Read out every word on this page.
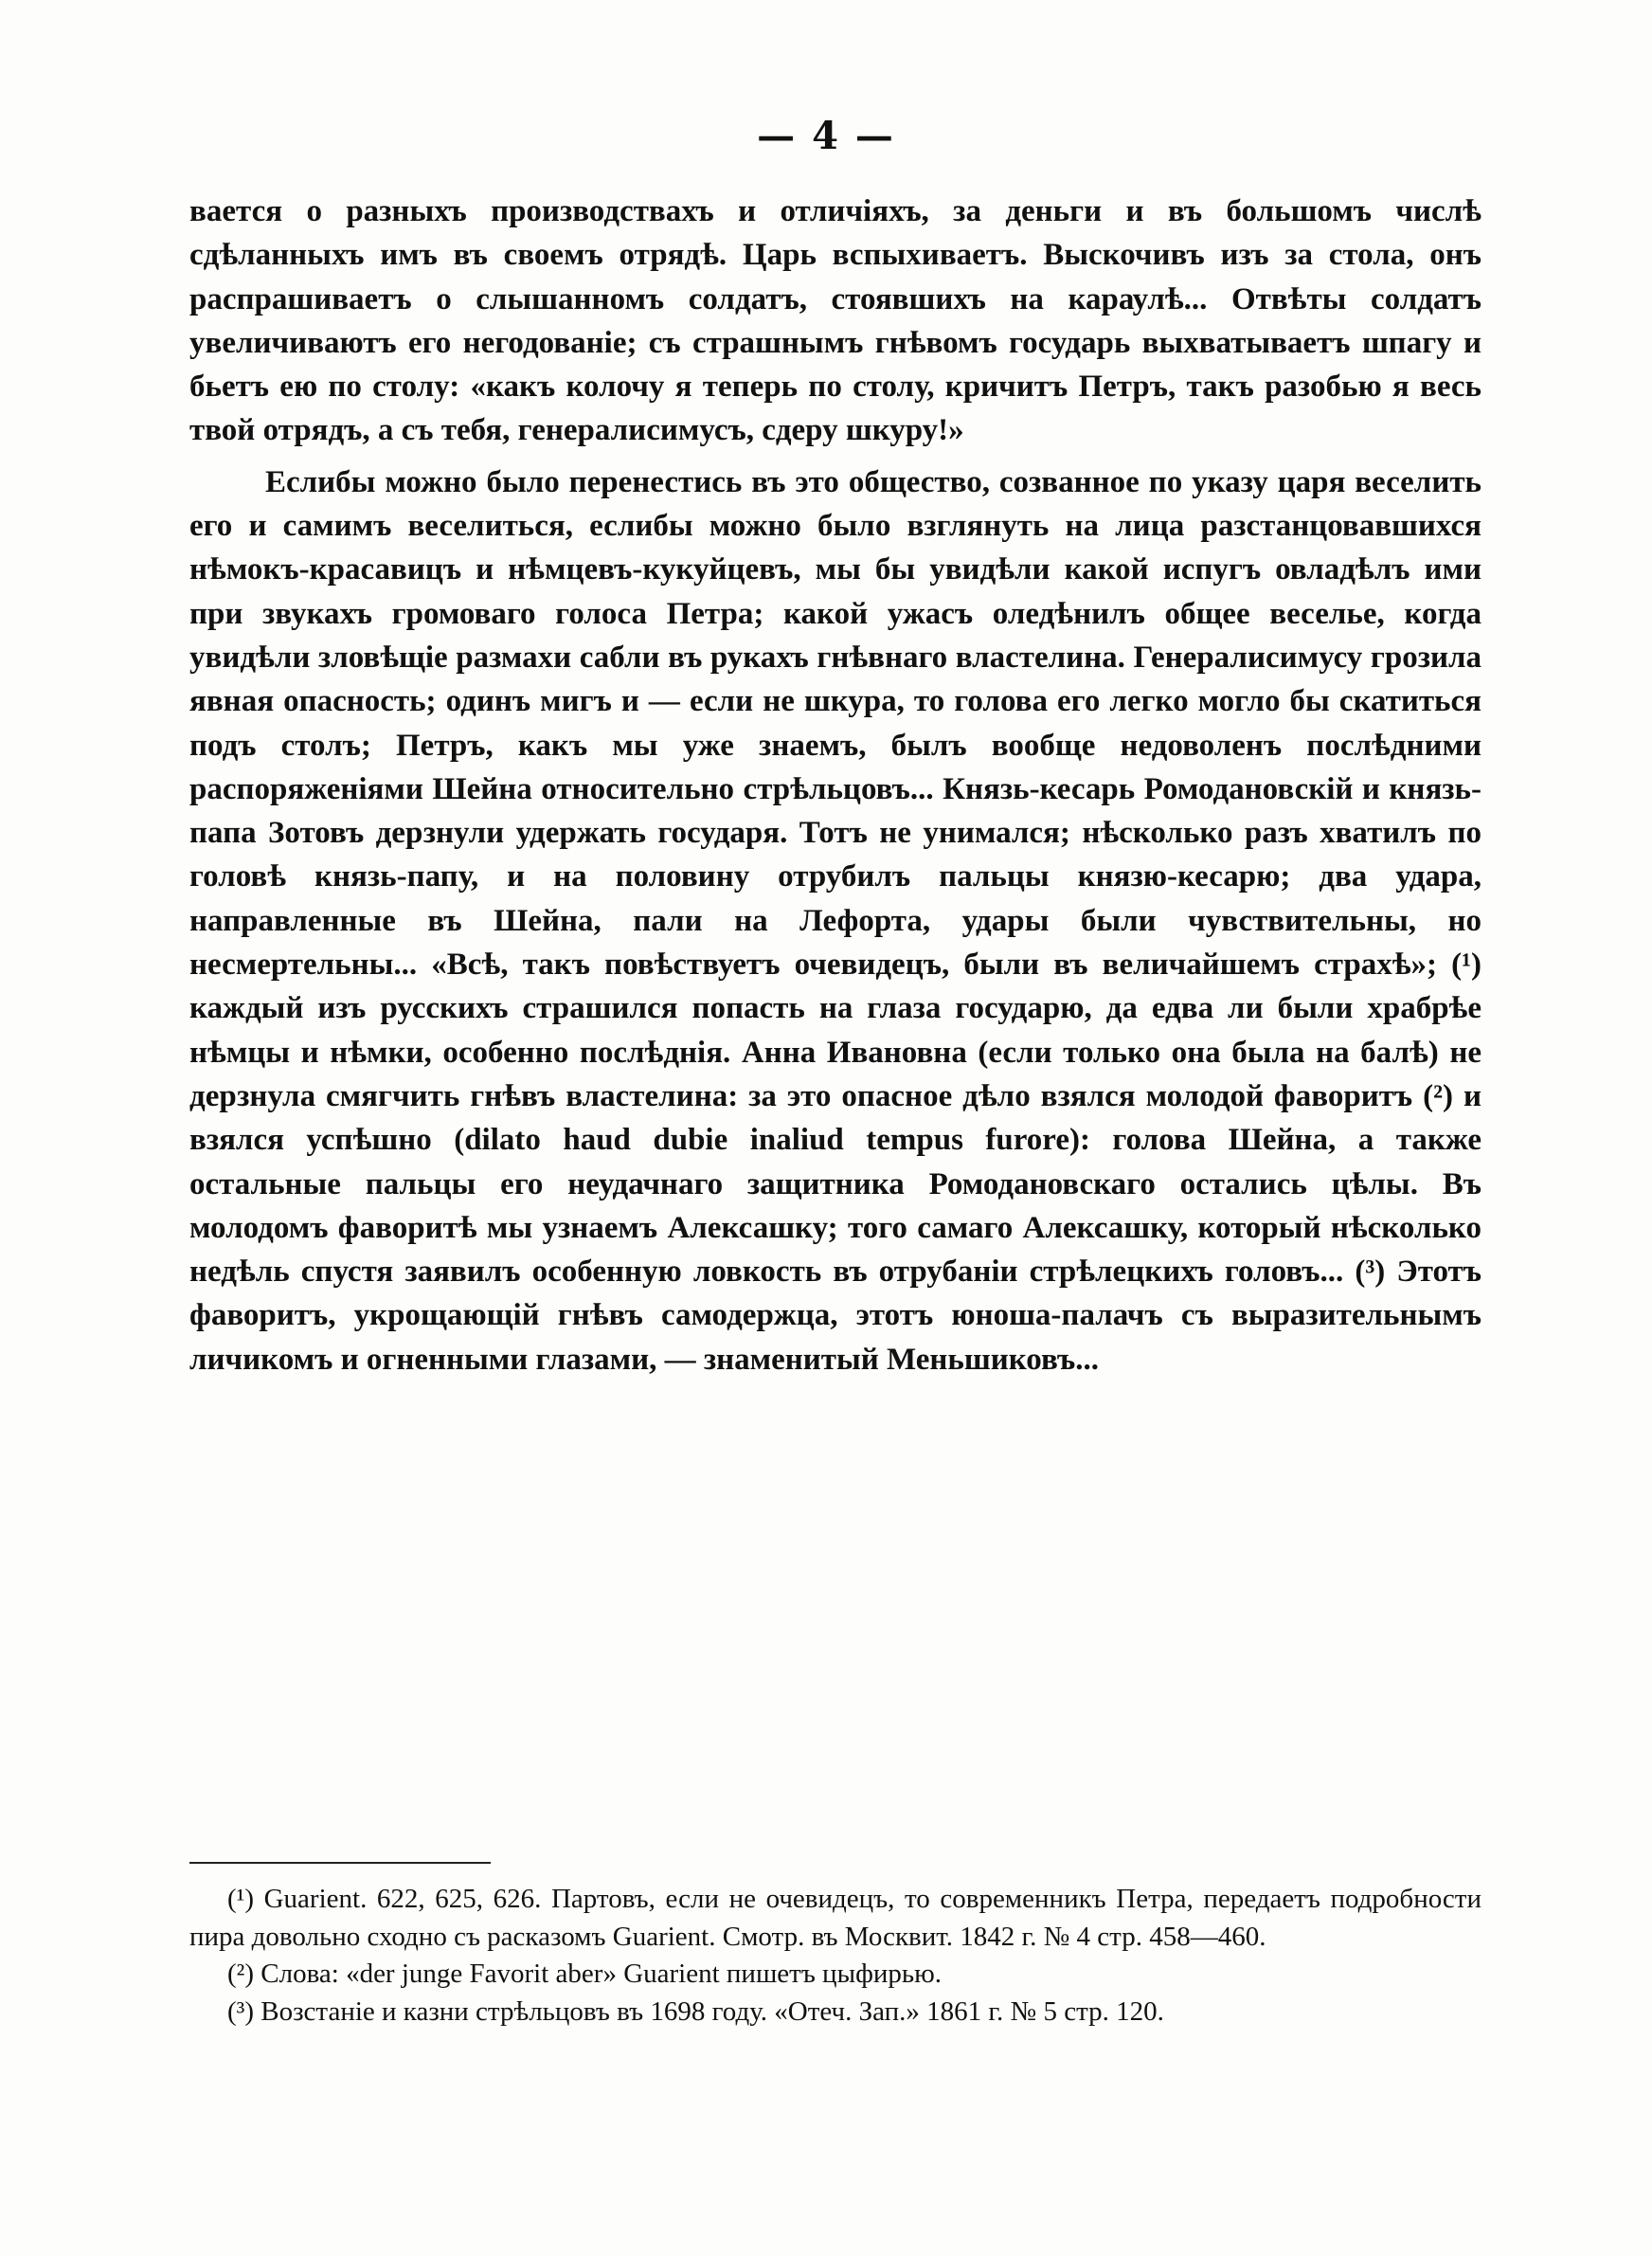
— 4 —

вается о разныхъ производствахъ и отличіяхъ, за деньги и въ большомъ числѣ сдѣланныхъ имъ въ своемъ отрядѣ. Царь вспыхиваетъ. Выскочивъ изъ за стола, онъ распрашиваетъ о слышанномъ солдатъ, стоявшихъ на караулѣ... Отвѣты солдатъ увеличиваютъ его негодованіе; съ страшнымъ гнѣвомъ государь выхватываетъ шпагу и бьетъ ею по столу: «какъ колочу я теперь по столу, кричитъ Петръ, такъ разобью я весь твой отрядъ, а съ тебя, генералисимусъ, сдеру шкуру!»

Еслибы можно было перенестись въ это общество, созванное по указу царя веселить его и самимъ веселиться, еслибы можно было взглянуть на лица разстанцовавшихся нѣмокъ-красавицъ и нѣмцевъ-кукуйцевъ, мы бы увидѣли какой испугъ овладѣлъ ими при звукахъ громоваго голоса Петра; какой ужасъ оледѣнилъ общее веселье, когда увидѣли зловѣщіе размахи сабли въ рукахъ гнѣвнаго властелина. Генералисимусу грозила явная опасность; одинъ мигъ и — если не шкура, то голова его легко могло бы скатиться подъ столъ; Петръ, какъ мы уже знаемъ, былъ вообще недоволенъ послѣдними распоряженіями Шейна относительно стрѣльцовъ... Князь-кесарь Ромодановскій и князь-папа Зотовъ дерзнули удержать государя. Тотъ не унимался; нѣсколько разъ хватилъ по головѣ князь-папу, и на половину отрубилъ пальцы князю-кесарю; два удара, направленные въ Шейна, пали на Лефорта, удары были чувствительны, но несмертельны... «Всѣ, такъ повѣствуетъ очевидецъ, были въ величайшемъ страхѣ»; (¹) каждый изъ русскихъ страшился попасть на глаза государю, да едва ли были храбрѣе нѣмцы и нѣмки, особенно послѣднія. Анна Ивановна (если только она была на балѣ) не дерзнула смягчить гнѣвъ властелина: за это опасное дѣло взялся молодой фаворитъ (²) и взялся успѣшно (dilato haud dubie inaliud tempus furore): голова Шейна, а также остальные пальцы его неудачнаго защитника Ромодановскаго остались цѣлы. Въ молодомъ фаворитѣ мы узнаемъ Алексашку; того самаго Алексашку, который нѣсколько недѣль спустя заявилъ особенную ловкость въ отрубаніи стрѣлецкихъ головъ... (³) Этотъ фаворитъ, укрощающій гнѣвъ самодержца, этотъ юноша-палачъ съ выразительнымъ личикомъ и огненными глазами, — знаменитый Меньшиковъ...

(¹) Guarient. 622, 625, 626. Партовъ, если не очевидецъ, то современникъ Петра, передаетъ подробности пира довольно сходно съ расказомъ Guarient. Смотр. въ Москвит. 1842 г. № 4 стр. 458—460.

(²) Слова: «der junge Favorit aber» Guarient пишетъ цыфирью.

(³) Возстаніе и казни стрѣльцовъ въ 1698 году. «Отеч. Зап.» 1861 г. № 5 стр. 120.
